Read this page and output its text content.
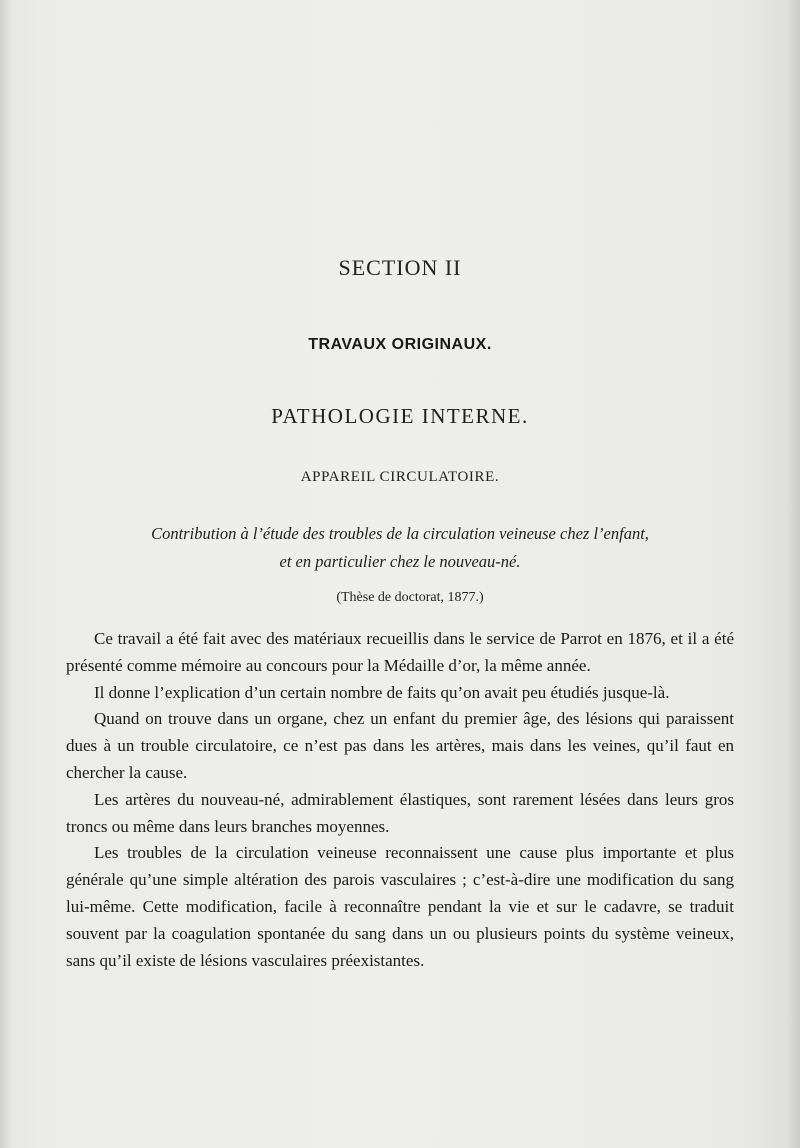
SECTION II
TRAVAUX ORIGINAUX.
PATHOLOGIE INTERNE.
APPAREIL CIRCULATOIRE.
Contribution à l’étude des troubles de la circulation veineuse chez l’enfant,
et en particulier chez le nouveau-né.
(Thèse de doctorat, 1877.)

Ce travail a été fait avec des matériaux recueillis dans le service de Parrot en 1876, et il a été présenté comme mémoire au concours pour la Médaille d’or, la même année.

Il donne l’explication d’un certain nombre de faits qu’on avait peu étudiés jusque-là.

Quand on trouve dans un organe, chez un enfant du premier âge, des lésions qui paraissent dues à un trouble circulatoire, ce n’est pas dans les artères, mais dans les veines, qu’il faut en chercher la cause.

Les artères du nouveau-né, admirablement élastiques, sont rarement lésées dans leurs gros troncs ou même dans leurs branches moyennes.

Les troubles de la circulation veineuse reconnaissent une cause plus importante et plus générale qu’une simple altération des parois vasculaires ; c’est-à-dire une modification du sang lui-même. Cette modification, facile à reconnaître pendant la vie et sur le cadavre, se traduit souvent par la coagulation spontanée du sang dans un ou plusieurs points du système veineux, sans qu’il existe de lésions vasculaires préexistantes.
